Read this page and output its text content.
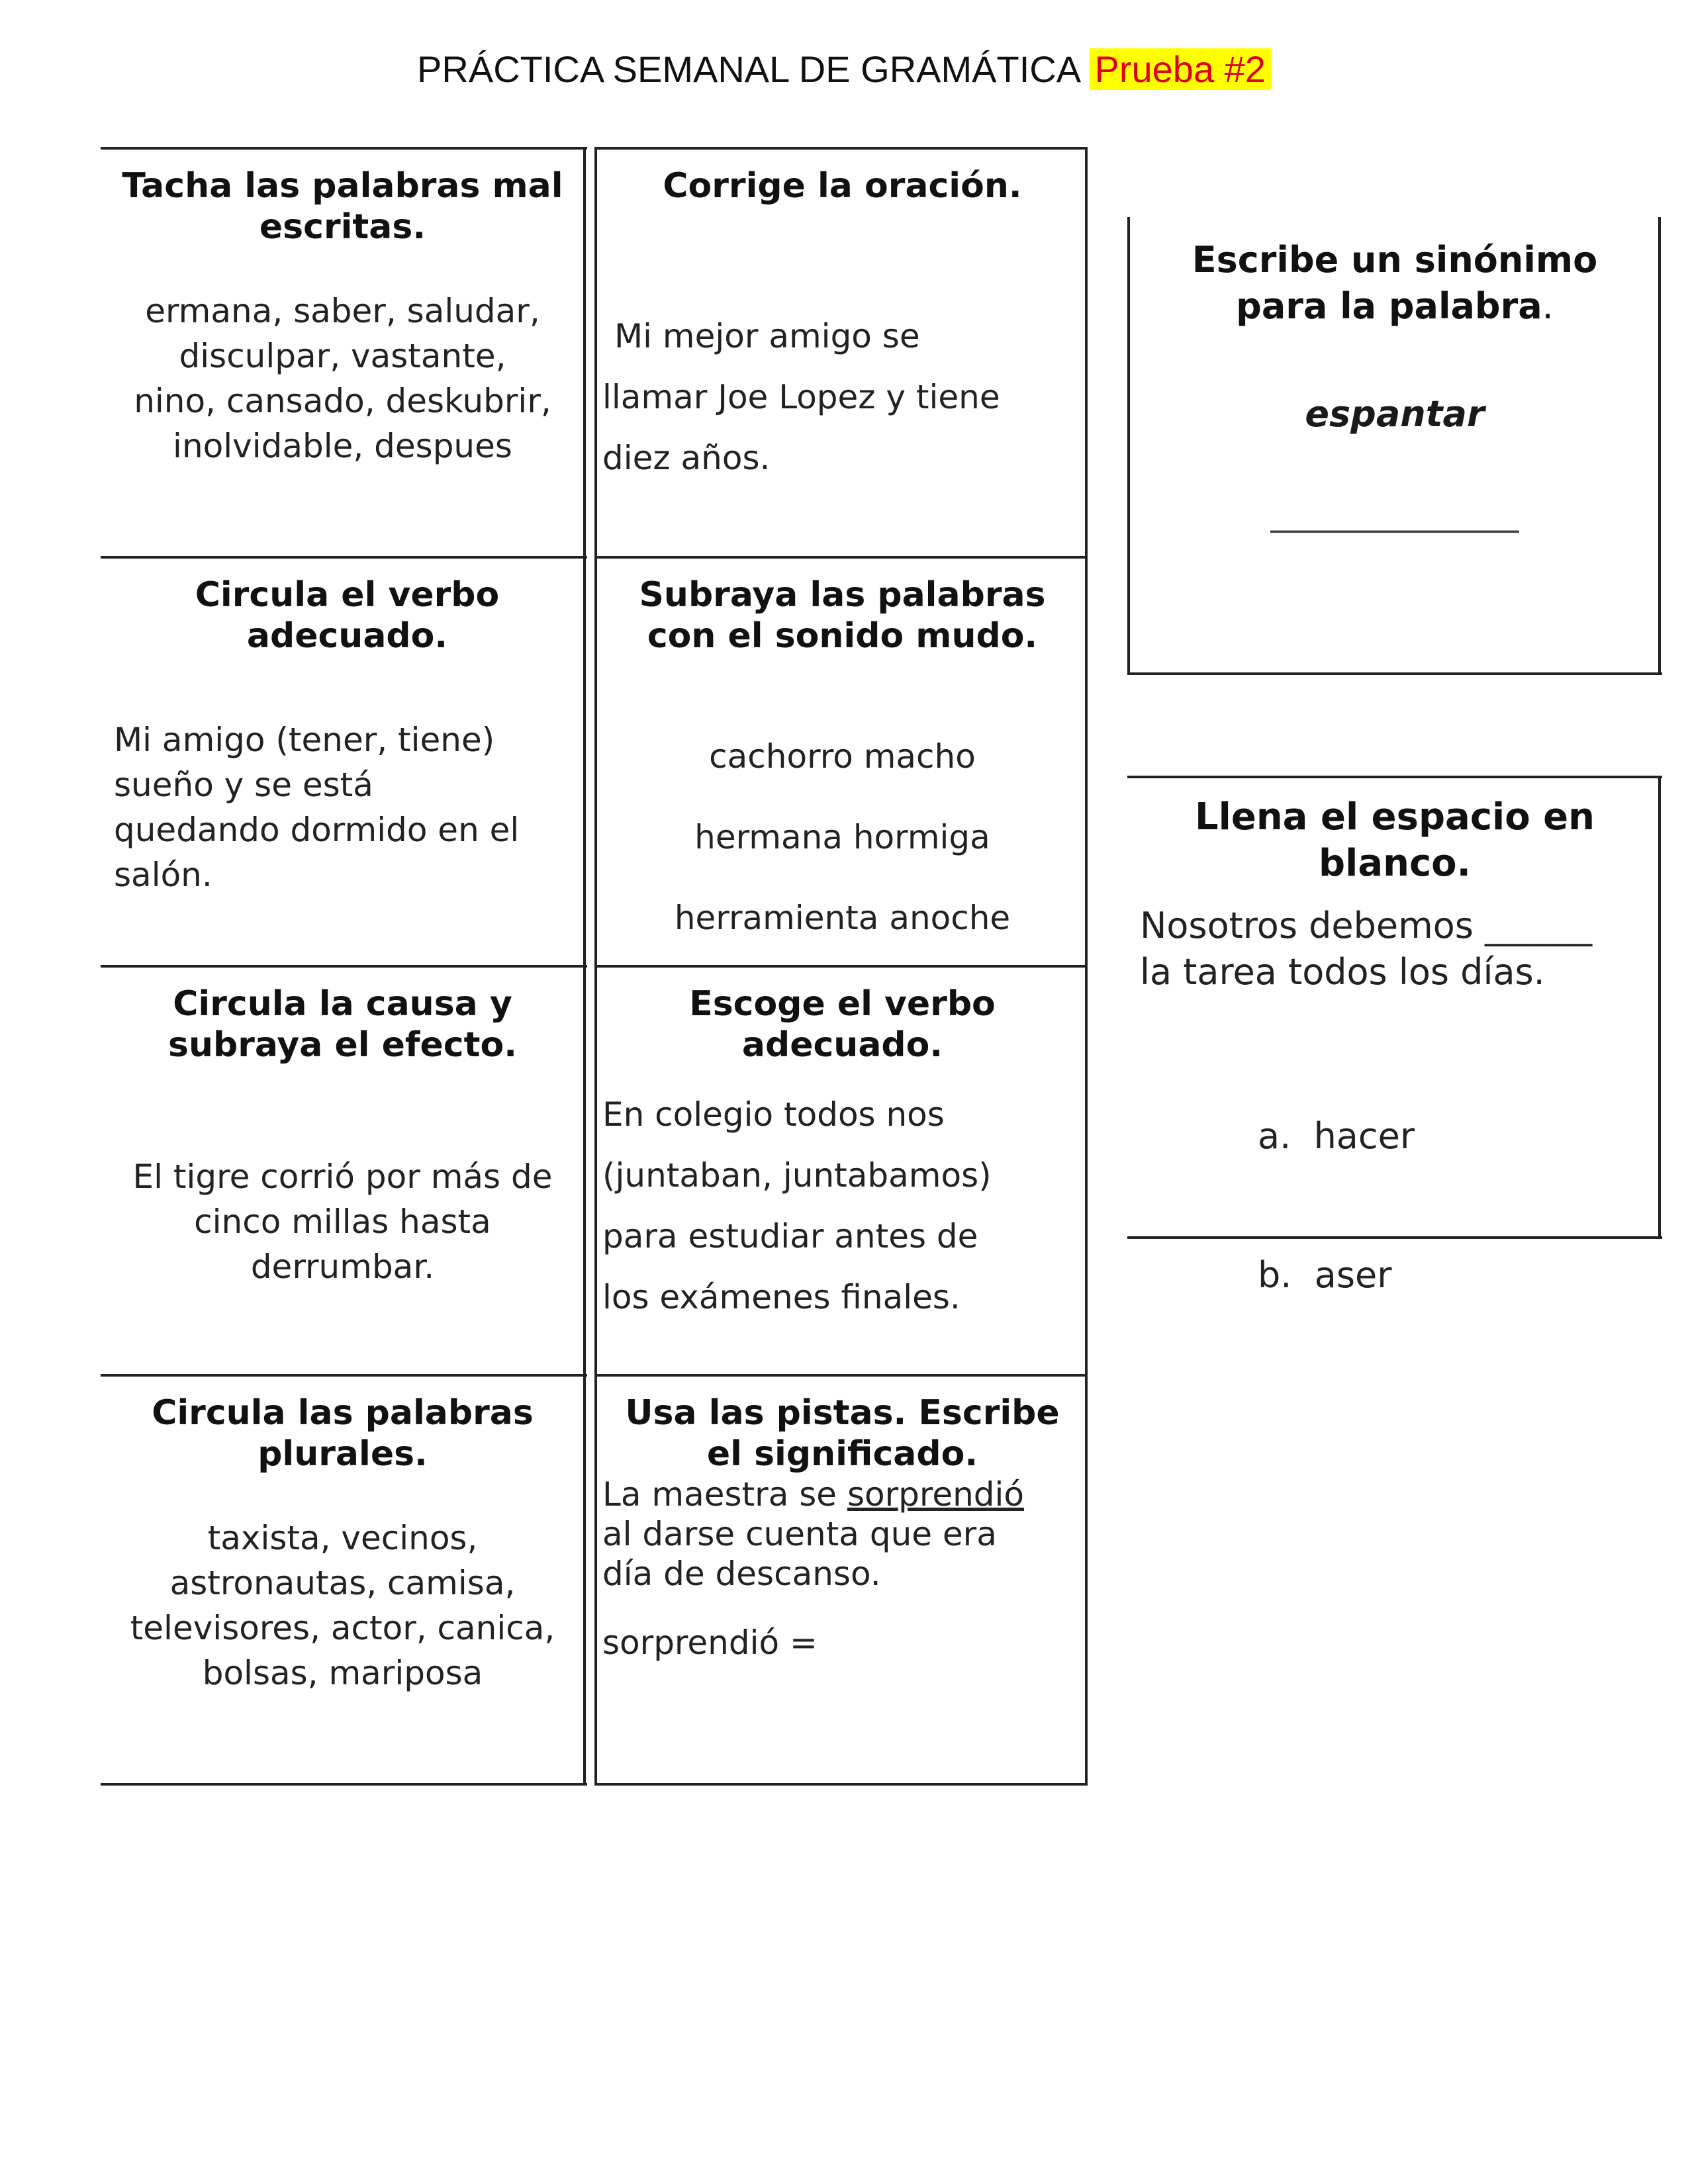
PRÁCTICA SEMANAL DE GRAMÁTICA Prueba #2
Tacha las palabras mal escritas.
ermana, saber, saludar,
disculpar, vastante,
nino, cansado, deskubrir,
inolvidable, despues
Corrige la oración.
Mi mejor amigo se
llamar Joe Lopez y tiene
diez años.
Circula el verbo adecuado.
Mi amigo (tener, tiene)
sueño y se está
quedando dormido en el
salón.
Subraya las palabras con el sonido mudo.
cachorro macho
hermana hormiga
herramienta anoche
Circula la causa y subraya el efecto.
El tigre corrió por más de
cinco millas hasta
derrumbar.
Escoge el verbo adecuado.
En colegio todos nos
(juntaban, juntabamos)
para estudiar antes de
los exámenes finales.
Circula las palabras plurales.
taxista, vecinos,
astronautas, camisa,
televisores, actor, canica,
bolsas, mariposa
Usa las pistas. Escribe el significado.
La maestra se sorprendió
al darse cuenta que era
día de descanso.
sorprendió =
Escribe un sinónimo
para la palabra.
espantar
_______________
Llena el espacio en blanco.
Nosotros debemos ______
la tarea todos los días.

a.  hacer

b.  aser
